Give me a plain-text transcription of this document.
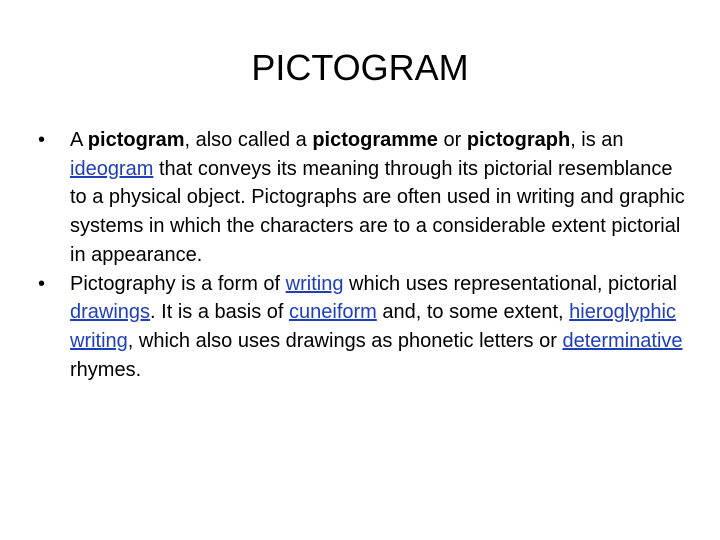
PICTOGRAM

• A pictogram, also called a pictogramme or pictograph, is an ideogram that conveys its meaning through its pictorial resemblance to a physical object. Pictographs are often used in writing and graphic systems in which the characters are to a considerable extent pictorial in appearance.

• Pictography is a form of writing which uses representational, pictorial drawings. It is a basis of cuneiform and, to some extent, hieroglyphic writing, which also uses drawings as phonetic letters or determinative rhymes.
